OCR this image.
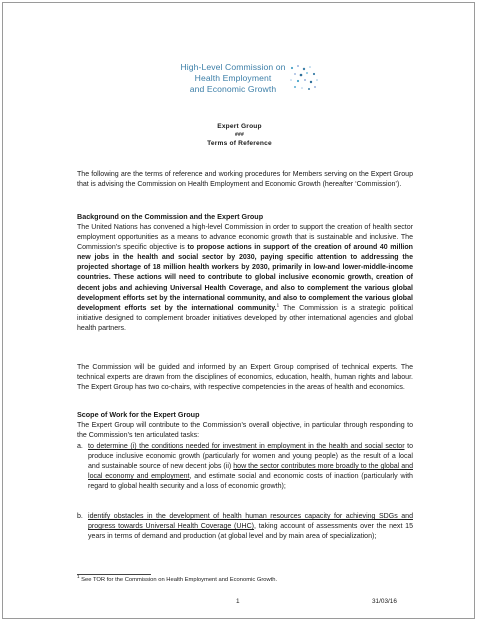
High-Level Commission on
Health Employment
and Economic Growth
Expert Group
###
Terms of Reference
The following are the terms of reference and working procedures for Members serving on the Expert Group that is advising the Commission on Health Employment and Economic Growth (hereafter ‘Commission’).
Background on the Commission and the Expert Group
The United Nations has convened a high-level Commission in order to support the creation of health sector employment opportunities as a means to advance economic growth that is sustainable and inclusive. The Commission’s specific objective is to propose actions in support of the creation of around 40 million new jobs in the health and social sector by 2030, paying specific attention to addressing the projected shortage of 18 million health workers by 2030, primarily in low-and lower-middle-income countries. These actions will need to contribute to global inclusive economic growth, creation of decent jobs and achieving Universal Health Coverage, and also to complement the various global development efforts set by the international community, and also to complement the various global development efforts set by the international community.$^1$ The Commission is a strategic political initiative designed to complement broader initiatives developed by other international agencies and global health partners.
The Commission will be guided and informed by an Expert Group comprised of technical experts. The technical experts are drawn from the disciplines of economics, education, health, human rights and labour. The Expert Group has two co-chairs, with respective competencies in the areas of health and economics.
Scope of Work for the Expert Group
The Expert Group will contribute to the Commission’s overall objective, in particular through responding to the Commission’s ten articulated tasks:
a. to determine (i) the conditions needed for investment in employment in the health and social sector to produce inclusive economic growth (particularly for women and young people) as the result of a local and sustainable source of new decent jobs (ii) how the sector contributes more broadly to the global and local economy and employment, and estimate social and economic costs of inaction (particularly with regard to global health security and a loss of economic growth);
b. identify obstacles in the development of health human resources capacity for achieving SDGs and progress towards Universal Health Coverage (UHC), taking account of assessments over the next 15 years in terms of demand and production (at global level and by main area of specialization);
$^1$ See TOR for the Commission on Health Employment and Economic Growth.
1	31/03/16
